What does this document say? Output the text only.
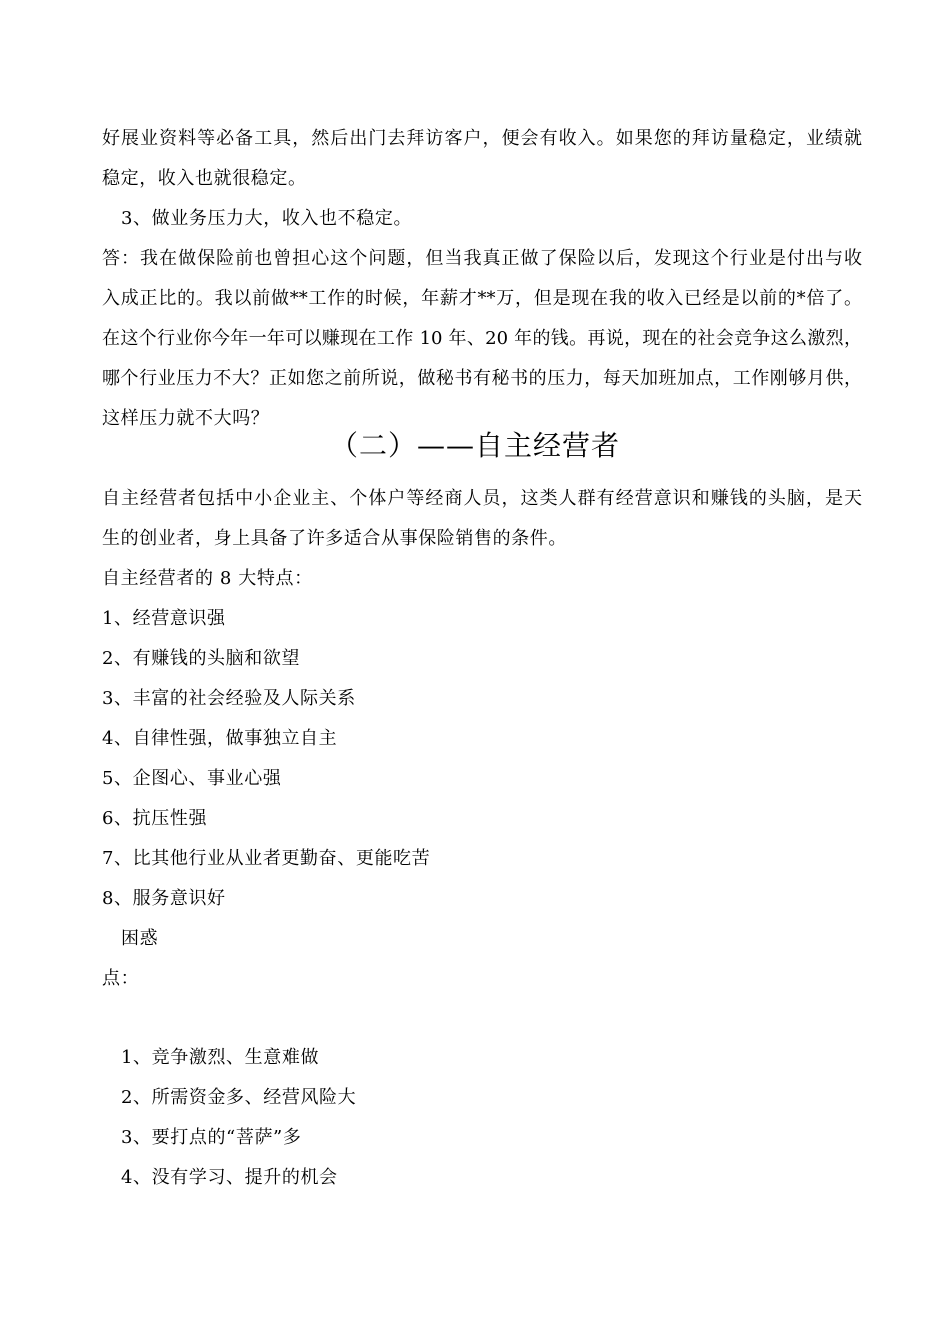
好展业资料等必备工具，然后出门去拜访客户，便会有收入。如果您的拜访量稳定，业绩就
稳定，收入也就很稳定。
3、做业务压力大，收入也不稳定。
答：我在做保险前也曾担心这个问题，但当我真正做了保险以后，发现这个行业是付出与收
入成正比的。我以前做**工作的时候，年薪才**万，但是现在我的收入已经是以前的*倍了。
在这个行业你今年一年可以赚现在工作 10 年、20 年的钱。再说，现在的社会竞争这么激烈，
哪个行业压力不大？正如您之前所说，做秘书有秘书的压力，每天加班加点，工作刚够月供，
这样压力就不大吗？
（二）——自主经营者
自主经营者包括中小企业主、个体户等经商人员，这类人群有经营意识和赚钱的头脑，是天
生的创业者，身上具备了许多适合从事保险销售的条件。
自主经营者的 8 大特点：
1、经营意识强
2、有赚钱的头脑和欲望
3、丰富的社会经验及人际关系
4、自律性强，做事独立自主
5、企图心、事业心强
6、抗压性强
7、比其他行业从业者更勤奋、更能吃苦
8、服务意识好
困惑
点：
1、竞争激烈、生意难做
2、所需资金多、经营风险大
3、要打点的“菩萨”多
4、没有学习、提升的机会
